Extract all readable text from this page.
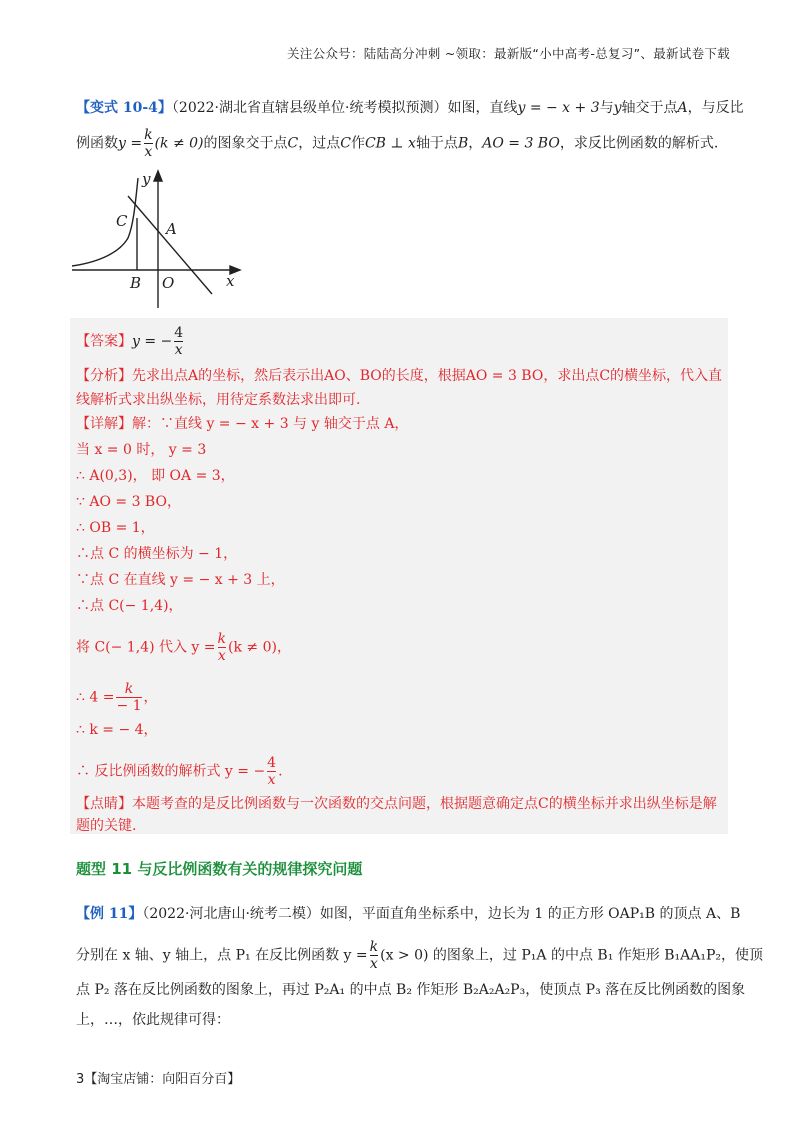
关注公众号：陆陆高分冲刺 ~领取：最新版“小中高考-总复习”、最新试卷下载
【变式 10-4】（2022·湖北省直辖县级单位·统考模拟预测）如图，直线y = − x + 3与y轴交于点A，与反比
例函数$y = \frac{k}{x} (k \ne 0)$的图象交于点C，过点C作CB ⊥ x轴于点B，AO = 3 BO，求反比例函数的解析式.
y
x
C	A
B O
【答案】y = − $\frac{4}{x}$
【分析】先求出点A的坐标，然后表示出AO、BO的长度，根据AO = 3 BO，求出点C的横坐标，代入直
线解析式求出纵坐标，用待定系数法求出即可.
【详解】解：∵直线 y = − x + 3 与 y 轴交于点 A，
当 x = 0 时， y = 3
∴ A(0,3)， 即 OA = 3，
∵ AO = 3 BO，
∴ OB = 1，
∴点 C 的横坐标为 − 1，
∵点 C 在直线 y = − x + 3 上，
∴点 C(− 1,4)，
将 C(− 1,4) 代入 $y = \frac{k}{x} (k \ne 0)$，
∴ $4 = \frac{k}{- 1}$ ，
∴ k = − 4，
∴ 反比例函数的解析式 y = − $\frac{4}{x}$ .
【点睛】本题考查的是反比例函数与一次函数的交点问题，根据题意确定点C的横坐标并求出纵坐标是解
题的关键.
题型 11 与反比例函数有关的规律探究问题
【例 11】（2022·河北唐山·统考二模）如图，平面直角坐标系中，边长为 1 的正方形 OAP₁B 的顶点 A、B
分别在 x 轴、y 轴上，点 P₁ 在反比例函数 $y = \frac{k}{x} (x > 0)$ 的图象上，过 P₁A 的中点 B₁ 作矩形 B₁AA₁P₂，使顶
点 P₂ 落在反比例函数的图象上，再过 P₂A₁ 的中点 B₂ 作矩形 B₂A₂A₂P₃，使顶点 P₃ 落在反比例函数的图象
上，…，依此规律可得：
3【淘宝店铺：向阳百分百】
